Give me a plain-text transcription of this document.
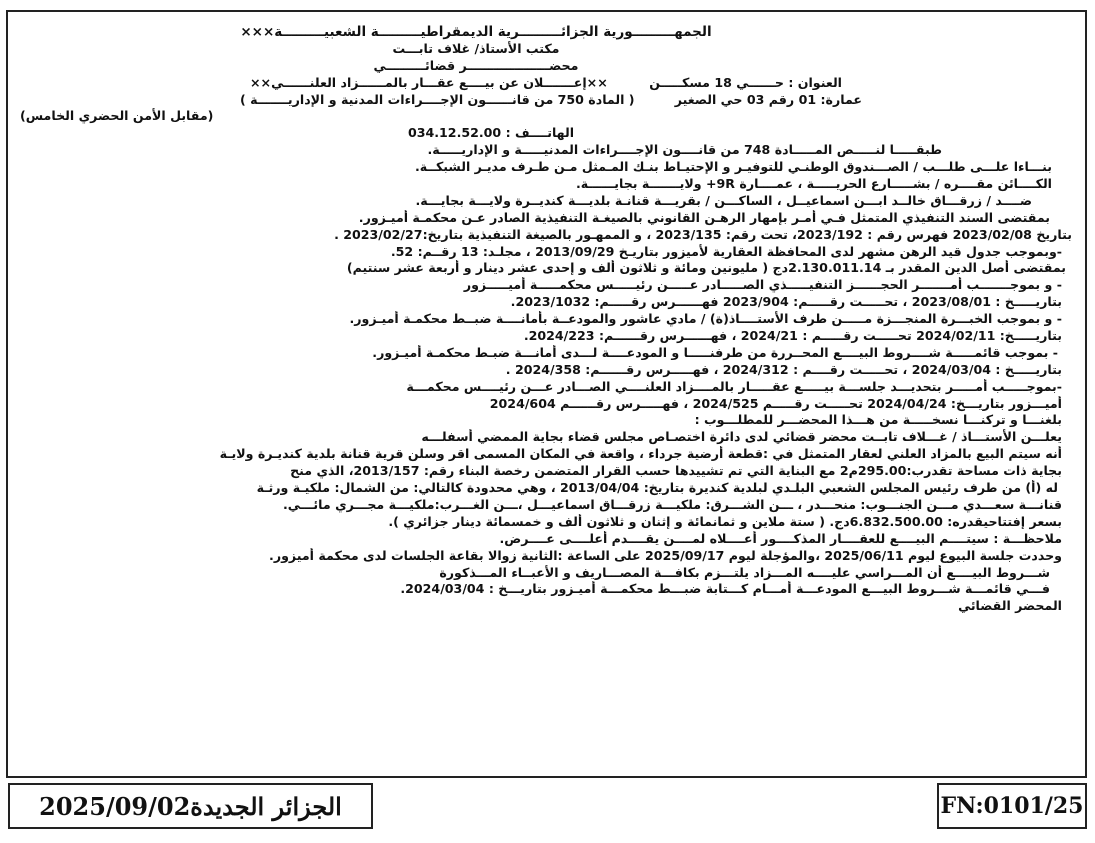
الجمهـــــــــورية الجزائـــــــــرية الديمقراطيـــــــــة الشعبيـــــــــة×××
مكتب الأستاذ/ غلاف تابـــت
محضـــــــــــــــــــر قضائـــــــــي
العنوان : حــــــي 18 مسكـــــن
××إعـــــــلان عن بيــــع عقـــار بالمــــــزاد العلنــــــي××
عمارة: 01 رقم 03 حي الصغير
( المادة 750 من قانــــــون الإجــــراءات المدنية و الإداريـــــــة )
(مقابل الأمن الحضري الخامس)
الهاتــــف : 034.12.52.00
طبقـــــا لنـــــص المـــــادة 748 من قانــــون الإجــــراءات المدنيـــــة و الإداريـــــة.
بنـــاءا علـــى طلـــب / الصـــندوق الوطنـي للتوفيـر و الإحتيـاط بنـك المـمثل مـن طـرف مديـر الشبكــة.
الكــــائن مقــــره / بشـــــارع الحريـــــة ، عمــــارة 9R+ ولايـــــــة بجايــــــة.
ضــــد / زرقـــاق خالــد ابـــن اسماعيــل ، الساكـــن / بقريـــة قنانـة بلديـــة كنديــرة ولايـــة بجايـــة.
بمقتضى السند التنفيذي المتمثل فـي أمـر بإمهار الرهـن القانوني بالصيغـة التنفيذية الصادر عـن محكمـة أميـزور.
بتاريخ 2023/02/08 فهرس رقم : 2023/192، تحت رقم: 2023/135 ، و الممهـور بالصيغة التنفيذية بتاريخ:2023/02/27 .
-وبموجب جدول قيد الرهن مشهر لدى المحافظة العقارية لأميزور بتاريـخ 2013/09/29 ، مجلـد: 13 رقــم: 52.
بمقتضى أصل الدين المقدر بـ 2.130.011.14دج ( مليونين ومائة و ثلاثون ألف و إحدى عشر دينار و أربعة عشر سنتيم)
- و بموجـــــــب أمـــــــر الحجــــــز التنفيـــــذي الصـــــادر عـــــن رئيـــــس محكمـــــة أميـــــزور
بتاريـــــخ : 2023/08/01 ، تحـــــت رقـــــم: 2023/904 فهــــــرس رقـــــم: 2023/1032.
- و بموجب الخبـــرة المنجـــزة مـــــن طرف الأستــــاذ(ة) / مادي عاشور والمودعــة بأمانــــة ضبــط محكمـة أميـزور.
بتاريـــــخ: 2024/02/11 تحـــــت رقـــــم : 2024/21 ، فهــــــرس رقــــــم: 2024/223.
- بموجب قائمـــــة شــــروط البيــــع المحــررة من طرفنـــــا و المودعــــة لـــدى أمانـــة ضبـط محكمـة أميـزور.
بتاريـــــخ : 2024/03/04 ، تحـــــت رقــــم : 2024/312 ، فهـــــرس رقــــــم: 2024/358 .
-بموجـــــب أمـــــر بتحديـــد جلســـة بيـــــع عقـــــار بالمــــزاد العلنــــي الصـــادر عـــن رئيــــس محكمـــة
أميـــزور بتاريـــخ: 2024/04/24 تحـــــت رقـــــم 2024/525 ، فهـــــرس رقــــــم 2024/604
بلغنـــا و تركنـــا نسخـــــة من هـــذا المحضـــر للمطلـــوب :
يعلـــن الأستـــاذ / غـــلاف تابــت محضر قضائي لدى دائرة اختصـاص مجلس قضاء بجاية الممضي أسفلـــه
أنه سيتم البيع بالمزاد العلني لعقار المتمثل في :قطعة أرضية جرداء ، واقعة في المكان المسمى اقر وسلن قرية قنانة بلدية كنديـرة ولايـة
بجاية ذات مساحة تقدرب:295.00م2 مع البناية التي تم تشييدها حسب القرار المتضمن رخصة البناء رقم: 2013/157، الذي منح
له (أ) من طرف رئيس المجلس الشعبي البلـدي لبلدية كنديرة بتاريخ: 2013/04/04 ، وهي محدودة كالتالي: من الشمال: ملكيـة ورثـة
قنانـــة سعـــدي مـــن الجنـــوب: منحـــدر ، ـــن الشـــرق: ملكيـــة زرقـــاق اسماعيـــل ،ـــن الغـــرب:ملكيـــة مجـــري مائـــي.
بسعر إفتتاحيقدره: 6.832.500.00دج. ( ستة ملاين و ثمانمائة و إثنان و ثلاثون ألف و خمسمائة دينار جزائري ).
ملاحظـــة : سيتــــم البيــــع للعقــــار المذكــــور أعــــلاه لمــــن يقــــدم أعلــــى عــــرض.
وحددت جلسة البيوع ليوم 2025/06/11 ،والمؤجلة ليوم 2025/09/17 على الساعة :الثانية زوالا بقاعة الجلسات لدى محكمة أميزور.
شـــروط البيــــع أن المـــراسي عليــــه المـــزاد يلتـــزم بكافـــة المصـــاريف و الأعبــاء المـــذكورة
فـــي قائمـــة شـــروط البيـــع المودعـــة أمـــام كـــتابة ضبـــط محكمـــة أميـزور بتاريـــخ : 2024/03/04.
المحضر القضائي
الجزائر الجديدة2025/09/02	FN:0101/25
